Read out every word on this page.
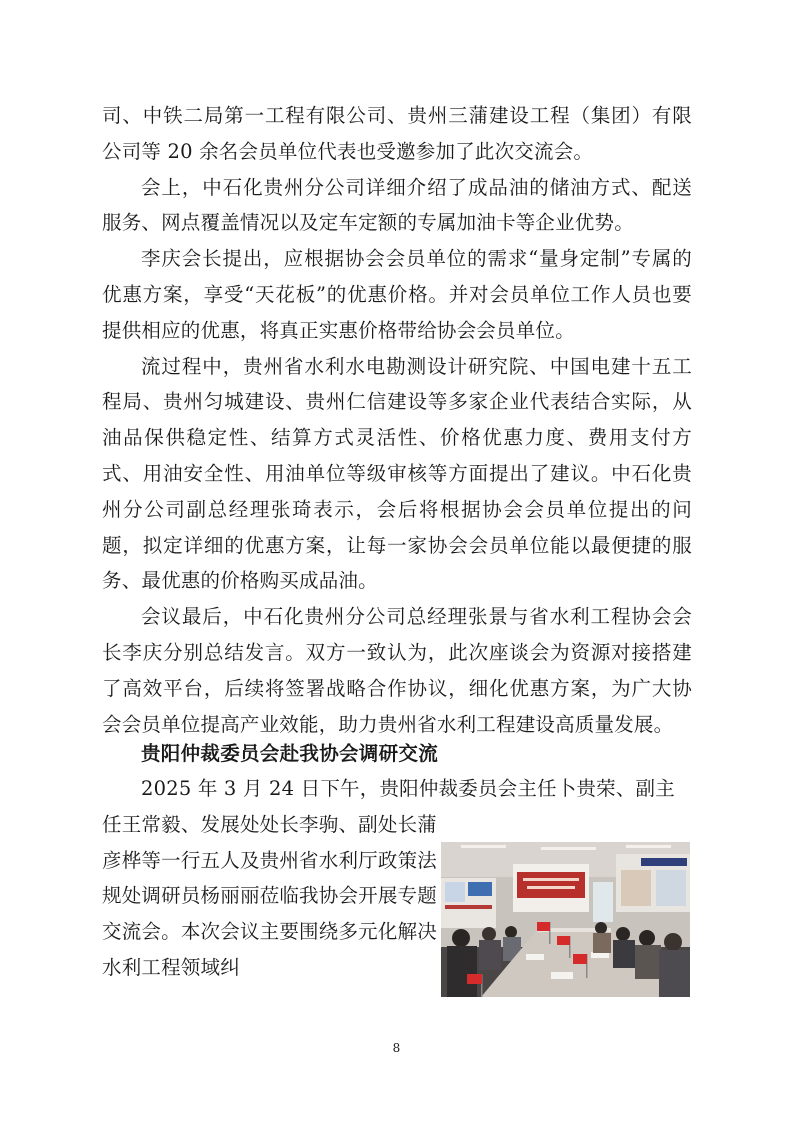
司、中铁二局第一工程有限公司、贵州三蒲建设工程（集团）有限公司等 20 余名会员单位代表也受邀参加了此次交流会。

会上，中石化贵州分公司详细介绍了成品油的储油方式、配送服务、网点覆盖情况以及定车定额的专属加油卡等企业优势。

李庆会长提出，应根据协会会员单位的需求“量身定制”专属的优惠方案，享受“天花板”的优惠价格。并对会员单位工作人员也要提供相应的优惠，将真正实惠价格带给协会会员单位。

流过程中，贵州省水利水电勘测设计研究院、中国电建十五工程局、贵州匀城建设、贵州仁信建设等多家企业代表结合实际，从油品保供稳定性、结算方式灵活性、价格优惠力度、费用支付方式、用油安全性、用油单位等级审核等方面提出了建议。中石化贵州分公司副总经理张琦表示，会后将根据协会会员单位提出的问题，拟定详细的优惠方案，让每一家协会会员单位能以最便捷的服务、最优惠的价格购买成品油。

会议最后，中石化贵州分公司总经理张景与省水利工程协会会长李庆分别总结发言。双方一致认为，此次座谈会为资源对接搭建了高效平台，后续将签署战略合作协议，细化优惠方案，为广大协会会员单位提高产业效能，助力贵州省水利工程建设高质量发展。

贵阳仲裁委员会赴我协会调研交流

2025 年 3 月 24 日下午，贵阳仲裁委员会主任卜贵荣、副主

任王常毅、发展处处长李驹、副处长蒲彦桦等一行五人及贵州省水利厅政策法规处调研员杨丽丽莅临我协会开展专题交流会。本次会议主要围绕多元化解决水利工程领域纠

8
